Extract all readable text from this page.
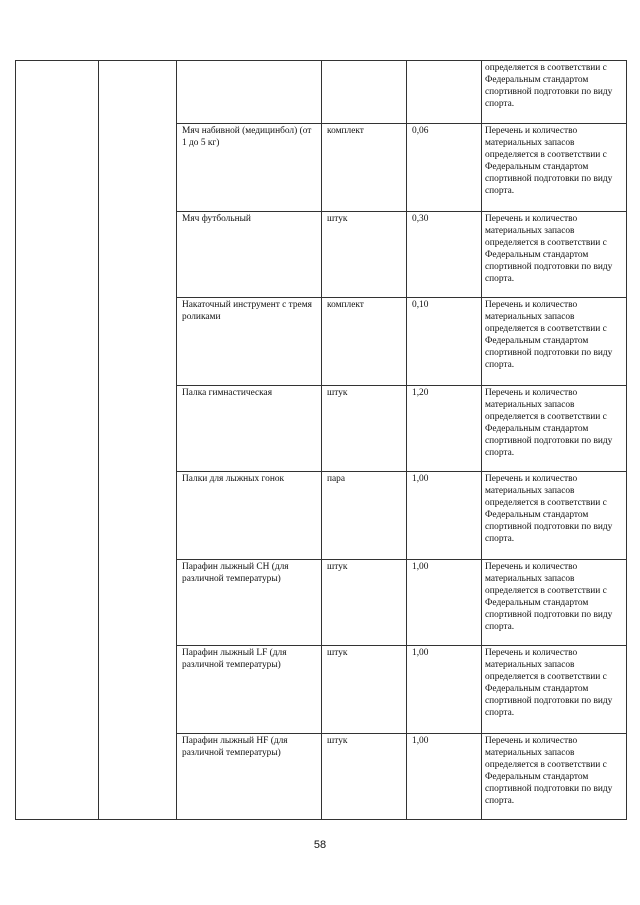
					определяется в соответствии с Федеральным стандартом спортивной подготовки по виду спорта.
		Мяч набивной (медицинбол) (от 1 до 5 кг)	комплект	0,06	Перечень и количество материальных запасов определяется в соответствии с Федеральным стандартом спортивной подготовки по виду спорта.
		Мяч футбольный	штук	0,30	Перечень и количество материальных запасов определяется в соответствии с Федеральным стандартом спортивной подготовки по виду спорта.
		Накаточный инструмент с тремя роликами	комплект	0,10	Перечень и количество материальных запасов определяется в соответствии с Федеральным стандартом спортивной подготовки по виду спорта.
		Палка гимнастическая	штук	1,20	Перечень и количество материальных запасов определяется в соответствии с Федеральным стандартом спортивной подготовки по виду спорта.
		Палки для лыжных гонок	пара	1,00	Перечень и количество материальных запасов определяется в соответствии с Федеральным стандартом спортивной подготовки по виду спорта.
		Парафин лыжный CH (для различной температуры)	штук	1,00	Перечень и количество материальных запасов определяется в соответствии с Федеральным стандартом спортивной подготовки по виду спорта.
		Парафин лыжный LF (для различной температуры)	штук	1,00	Перечень и количество материальных запасов определяется в соответствии с Федеральным стандартом спортивной подготовки по виду спорта.
		Парафин лыжный HF (для различной температуры)	штук	1,00	Перечень и количество материальных запасов определяется в соответствии с Федеральным стандартом спортивной подготовки по виду спорта.
58
